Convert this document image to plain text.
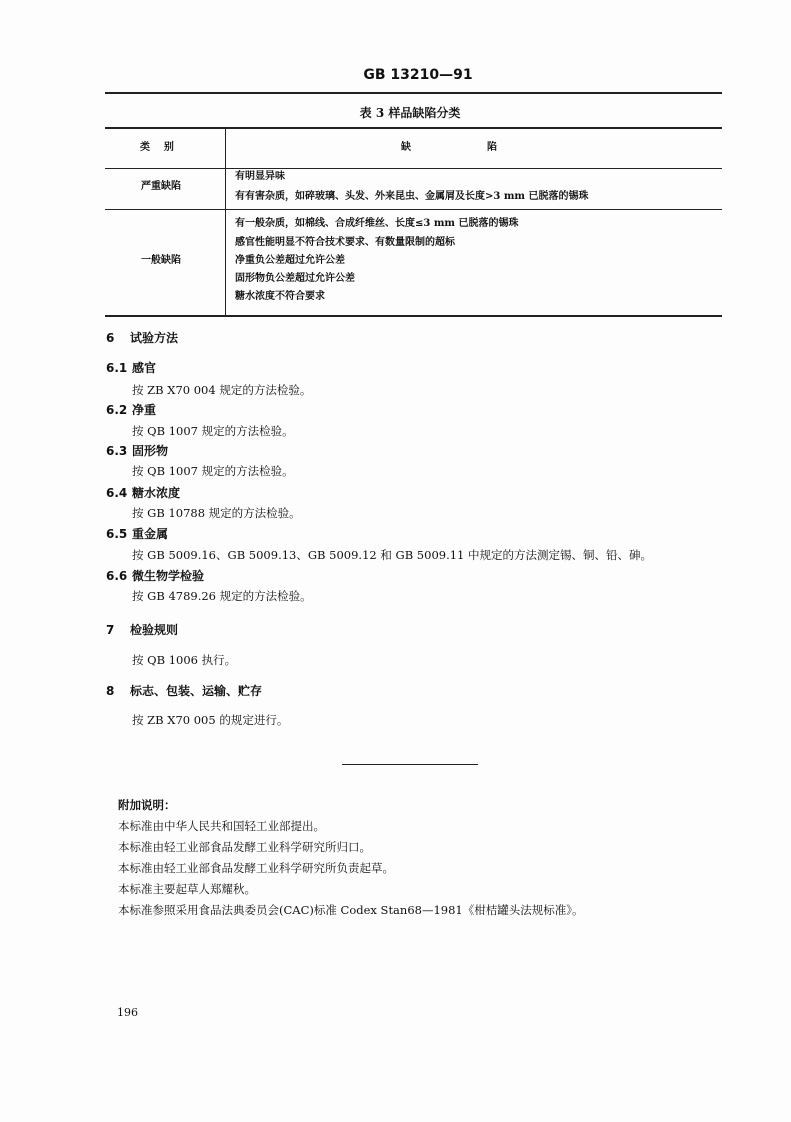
GB 13210—91
表 3 样品缺陷分类
类    别	缺	陷
严重缺陷
有明显异味
有有害杂质，如碎玻璃、头发、外来昆虫、金属屑及长度>3 mm 已脱落的锡珠
一般缺陷
有一般杂质，如棉线、合成纤维丝、长度≤3 mm 已脱落的锡珠
感官性能明显不符合技术要求、有数量限制的超标
净重负公差超过允许公差
固形物负公差超过允许公差
糖水浓度不符合要求
6 试验方法
6.1 感官
按 ZB X70 004 规定的方法检验。
6.2 净重
按 QB 1007 规定的方法检验。
6.3 固形物
按 QB 1007 规定的方法检验。
6.4 糖水浓度
按 GB 10788 规定的方法检验。
6.5 重金属
按 GB 5009.16、GB 5009.13、GB 5009.12 和 GB 5009.11 中规定的方法测定锡、铜、铅、砷。
6.6 微生物学检验
按 GB 4789.26 规定的方法检验。
7 检验规则
按 QB 1006 执行。
8 标志、包装、运输、贮存
按 ZB X70 005 的规定进行。
附加说明：
本标准由中华人民共和国轻工业部提出。
本标准由轻工业部食品发酵工业科学研究所归口。
本标准由轻工业部食品发酵工业科学研究所负责起草。
本标准主要起草人郑耀秋。
本标准参照采用食品法典委员会(CAC)标准 Codex Stan68—1981《柑桔罐头法规标准》。
196
